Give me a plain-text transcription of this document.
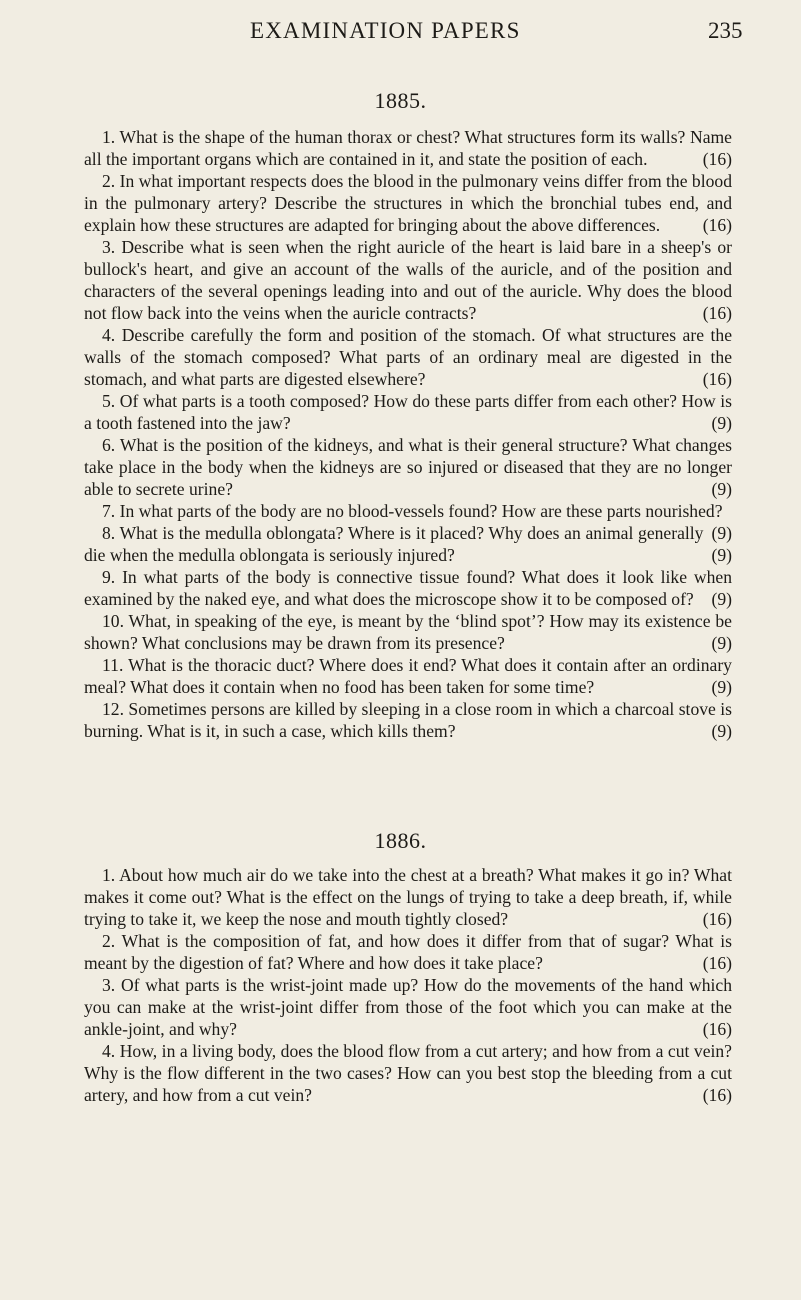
EXAMINATION PAPERS	235
1885.

1. What is the shape of the human thorax or chest? What structures form its walls? Name all the important organs which are contained in it, and state the position of each.	(16)

2. In what important respects does the blood in the pulmonary veins differ from the blood in the pulmonary artery? Describe the structures in which the bronchial tubes end, and explain how these structures are adapted for bringing about the above differences.	(16)

3. Describe what is seen when the right auricle of the heart is laid bare in a sheep's or bullock's heart, and give an account of the walls of the auricle, and of the position and characters of the several openings leading into and out of the auricle. Why does the blood not flow back into the veins when the auricle contracts?	(16)

4. Describe carefully the form and position of the stomach. Of what structures are the walls of the stomach composed? What parts of an ordinary meal are digested in the stomach, and what parts are digested elsewhere?	(16)

5. Of what parts is a tooth composed? How do these parts differ from each other? How is a tooth fastened into the jaw?	(9)

6. What is the position of the kidneys, and what is their general structure? What changes take place in the body when the kidneys are so injured or diseased that they are no longer able to secrete urine?	(9)

7. In what parts of the body are no blood-vessels found? How are these parts nourished?
(9)

8. What is the medulla oblongata? Where is it placed? Why does an animal generally die when the medulla oblongata is seriously injured?	(9)

9. In what parts of the body is connective tissue found? What does it look like when examined by the naked eye, and what does the microscope show it to be composed of?	(9)

10. What, in speaking of the eye, is meant by the ‘blind spot’? How may its existence be shown? What conclusions may be drawn from its presence?	(9)

11. What is the thoracic duct? Where does it end? What does it contain after an ordinary meal? What does it contain when no food has been taken for some time?	(9)

12. Sometimes persons are killed by sleeping in a close room in which a charcoal stove is burning. What is it, in such a case, which kills them?	(9)

1886.

1. About how much air do we take into the chest at a breath? What makes it go in? What makes it come out? What is the effect on the lungs of trying to take a deep breath, if, while trying to take it, we keep the nose and mouth tightly closed?	(16)

2. What is the composition of fat, and how does it differ from that of sugar? What is meant by the digestion of fat? Where and how does it take place?	(16)

3. Of what parts is the wrist-joint made up? How do the movements of the hand which you can make at the wrist-joint differ from those of the foot which you can make at the ankle-joint, and why?	(16)

4. How, in a living body, does the blood flow from a cut artery; and how from a cut vein? Why is the flow different in the two cases? How can you best stop the bleeding from a cut artery, and how from a cut vein?	(16)
